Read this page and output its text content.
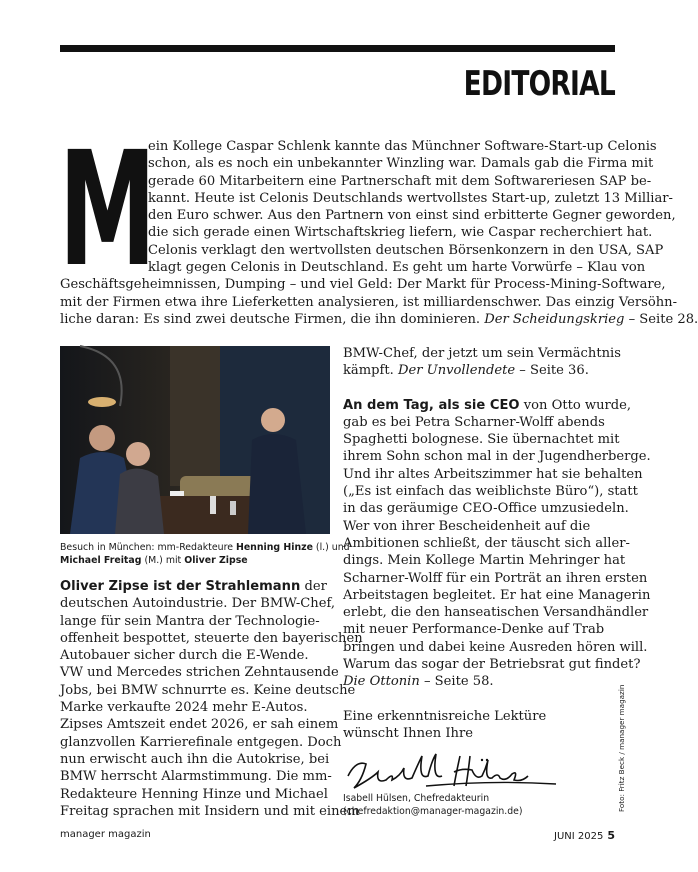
EDITORIAL
M

ein Kollege Caspar Schlenk kannte das Münchner Software-Start-up Celonis

schon, als es noch ein unbekannter Winzling war. Damals gab die Firma mit

gerade 60 Mitarbeitern eine Partnerschaft mit dem Softwareriesen SAP be-

kannt. Heute ist Celonis Deutschlands wertvollstes Start-up, zuletzt 13 Milliar-

den Euro schwer. Aus den Partnern von einst sind erbitterte Gegner geworden,

die sich gerade einen Wirtschaftskrieg liefern, wie Caspar recherchiert hat.

Celonis verklagt den wertvollsten deutschen Börsenkonzern in den USA, SAP

klagt gegen Celonis in Deutschland. Es geht um harte Vorwürfe – Klau von

Geschäftsgeheimnissen, Dumping – und viel Geld: Der Markt für Process-Mining-Software,

mit der Firmen etwa ihre Lieferketten analysieren, ist milliardenschwer. Das einzig Versöhn-

liche daran: Es sind zwei deutsche Firmen, die ihn dominieren. Der Scheidungskrieg – Seite 28.

Besuch in München: mm-Redakteure Henning Hinze (l.) und

Michael Freitag (M.) mit Oliver Zipse

Oliver Zipse ist der Strahlemann der

deutschen Autoindustrie. Der BMW-Chef,

lange für sein Mantra der Technologie-

offenheit bespottet, steuerte den bayerischen

Autobauer sicher durch die E-Wende.

VW und Mercedes strichen Zehntausende

Jobs, bei BMW schnurrte es. Keine deutsche

Marke verkaufte 2024 mehr E-Autos.

Zipses Amtszeit endet 2026, er sah einem

glanzvollen Karrierefinale entgegen. Doch

nun erwischt auch ihn die Autokrise, bei

BMW herrscht Alarmstimmung. Die mm-

Redakteure Henning Hinze und Michael

Freitag sprachen mit Insidern und mit einem

BMW-Chef, der jetzt um sein Vermächtnis

kämpft. Der Unvollendete – Seite 36.

An dem Tag, als sie CEO von Otto wurde,

gab es bei Petra Scharner-Wolff abends

Spaghetti bolognese. Sie übernachtet mit

ihrem Sohn schon mal in der Jugendherberge.

Und ihr altes Arbeitszimmer hat sie behalten

(„Es ist einfach das weiblichste Büro“), statt

in das geräumige CEO-Office umzusiedeln.

Wer von ihrer Bescheidenheit auf die

Ambitionen schließt, der täuscht sich aller-

dings. Mein Kollege Martin Mehringer hat

Scharner-Wolff für ein Porträt an ihren ersten

Arbeitstagen begleitet. Er hat eine Managerin

erlebt, die den hanseatischen Versandhändler

mit neuer Performance-Denke auf Trab

bringen und dabei keine Ausreden hören will.

Warum das sogar der Betriebsrat gut findet?

Die Ottonin – Seite 58.

Eine erkenntnisreiche Lektüre

wünscht Ihnen Ihre

Isabell Hülsen, Chefredakteurin

(chefredaktion@manager-magazin.de)	Foto: Fritz Beck / manager magazin
manager magazin	JUNI 2025 5
